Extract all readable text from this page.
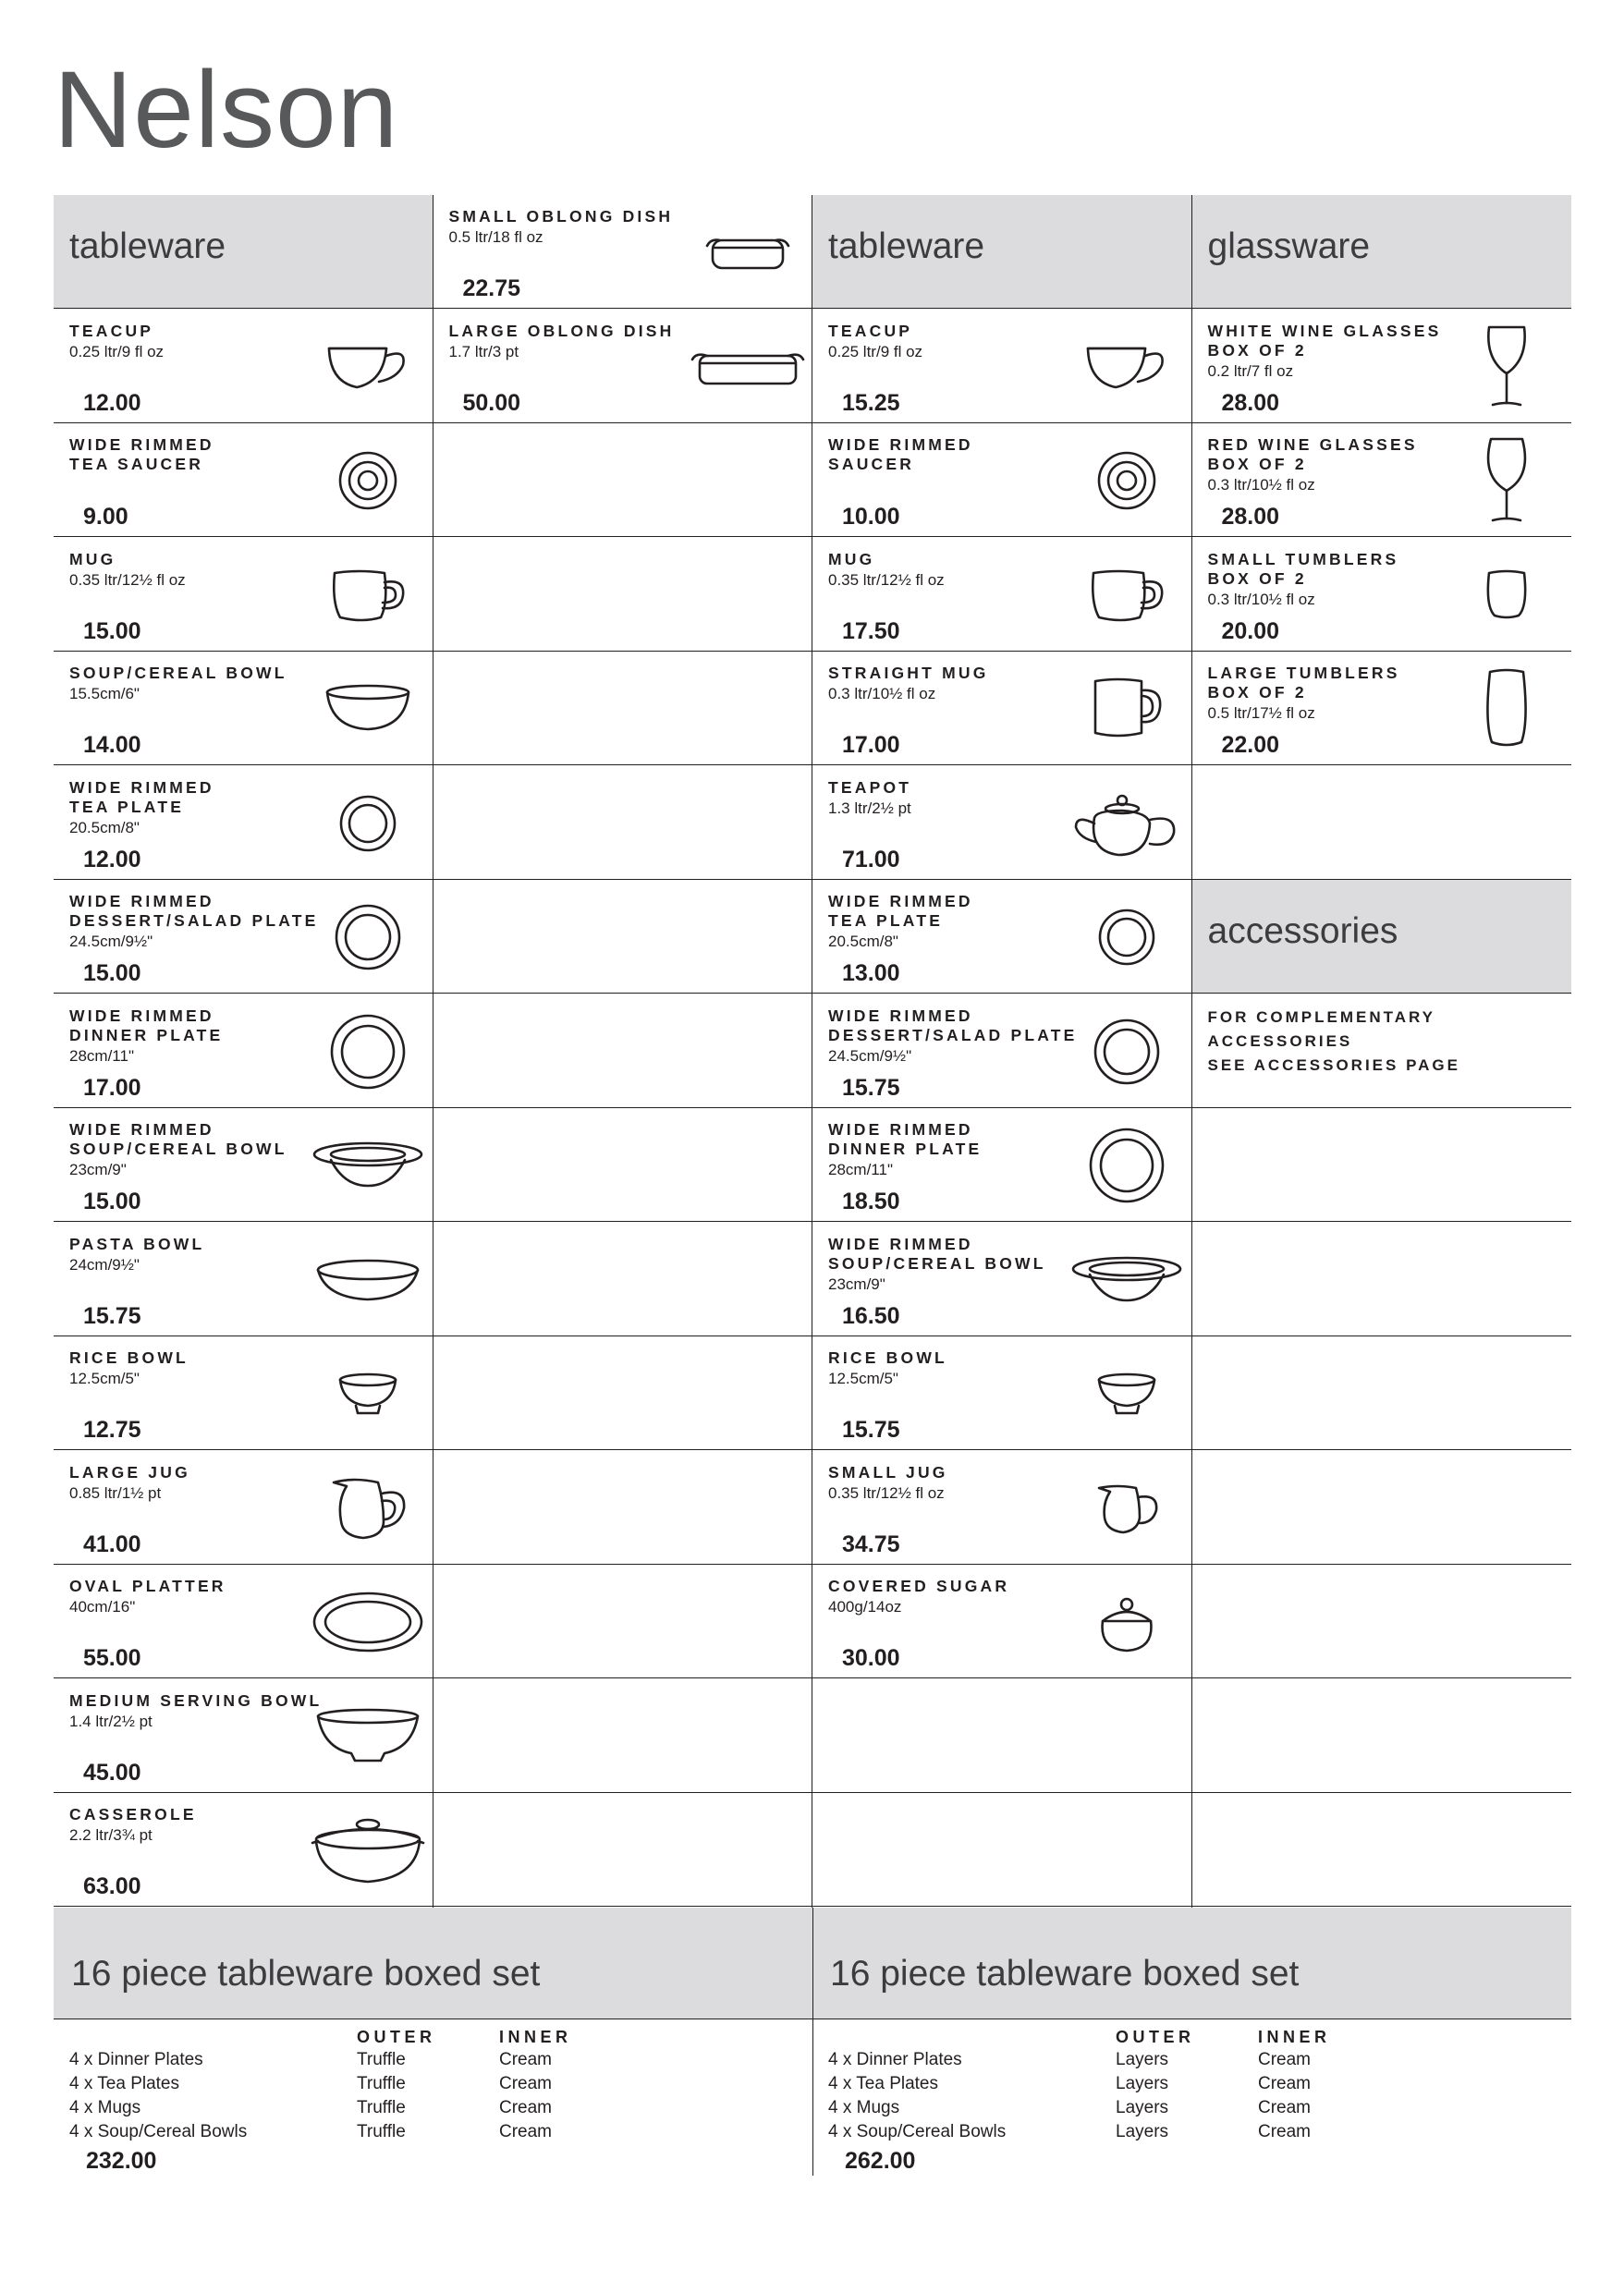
Nelson
tableware
TEACUP
0.25 ltr/9 fl oz
12.00
WIDE RIMMED
TEA SAUCER
9.00
MUG
0.35 ltr/12½ fl oz
15.00
SOUP/CEREAL BOWL
15.5cm/6"
14.00
WIDE RIMMED
TEA PLATE
20.5cm/8"
12.00
WIDE RIMMED
DESSERT/SALAD PLATE
24.5cm/9½"
15.00
WIDE RIMMED
DINNER PLATE
28cm/11"
17.00
WIDE RIMMED
SOUP/CEREAL BOWL
23cm/9"
15.00
PASTA BOWL
24cm/9½"
15.75
RICE BOWL
12.5cm/5"
12.75
LARGE JUG
0.85 ltr/1½ pt
41.00
OVAL PLATTER
40cm/16"
55.00
MEDIUM SERVING BOWL
1.4 ltr/2½ pt
45.00
CASSEROLE
2.2 ltr/3¾ pt
63.00
SMALL OBLONG DISH
0.5 ltr/18 fl oz
22.75
LARGE OBLONG DISH
1.7 ltr/3 pt
50.00
tableware
TEACUP
0.25 ltr/9 fl oz
15.25
WIDE RIMMED
SAUCER
10.00
MUG
0.35 ltr/12½ fl oz
17.50
STRAIGHT MUG
0.3 ltr/10½ fl oz
17.00
TEAPOT
1.3 ltr/2½ pt
71.00
WIDE RIMMED
TEA PLATE
20.5cm/8"
13.00
WIDE RIMMED
DESSERT/SALAD PLATE
24.5cm/9½"
15.75
WIDE RIMMED
DINNER PLATE
28cm/11"
18.50
WIDE RIMMED
SOUP/CEREAL BOWL
23cm/9"
16.50
RICE BOWL
12.5cm/5"
15.75
SMALL JUG
0.35 ltr/12½ fl oz
34.75
COVERED SUGAR
400g/14oz
30.00
glassware
WHITE WINE GLASSES
BOX OF 2
0.2 ltr/7 fl oz
28.00
RED WINE GLASSES
BOX OF 2
0.3 ltr/10½ fl oz
28.00
SMALL TUMBLERS
BOX OF 2
0.3 ltr/10½ fl oz
20.00
LARGE TUMBLERS
BOX OF 2
0.5 ltr/17½ fl oz
22.00
accessories
FOR COMPLEMENTARY
ACCESSORIES
SEE ACCESSORIES PAGE
16 piece tableware boxed set
OUTER	INNER
4 x Dinner Plates	Truffle	Cream
4 x Tea Plates	Truffle	Cream
4 x Mugs	Truffle	Cream
4 x Soup/Cereal Bowls	Truffle	Cream
232.00
16 piece tableware boxed set
OUTER	INNER
4 x Dinner Plates	Layers	Cream
4 x Tea Plates	Layers	Cream
4 x Mugs	Layers	Cream
4 x Soup/Cereal Bowls	Layers	Cream
262.00
